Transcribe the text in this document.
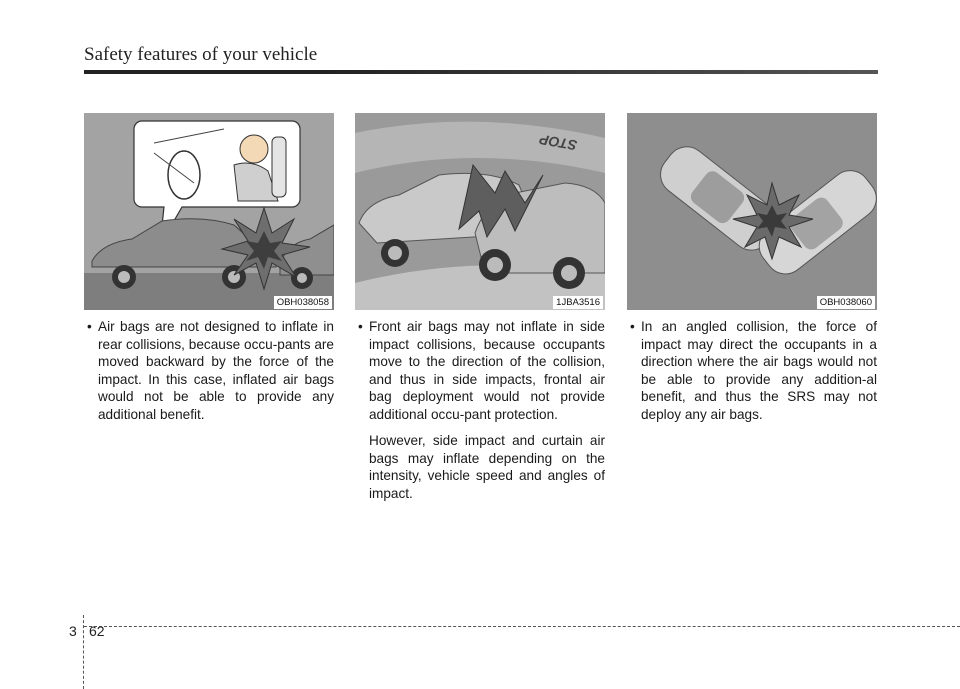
Safety features of your vehicle
OBH038058
• Air bags are not designed to inflate in rear collisions, because occu-pants are moved backward by the force of the impact. In this case, inflated air bags would not be able to provide any additional benefit.
STOP
1JBA3516
• Front air bags may not inflate in side impact collisions, because occupants move to the direction of the collision, and thus in side impacts, frontal air bag deployment would not provide additional occu-pant protection.
However, side impact and curtain air bags may inflate depending on the intensity, vehicle speed and angles of impact.
OBH038060
• In an angled collision, the force of impact may direct the occupants in a direction where the air bags would not be able to provide any addition-al benefit, and thus the SRS may not deploy any air bags.
3 62
